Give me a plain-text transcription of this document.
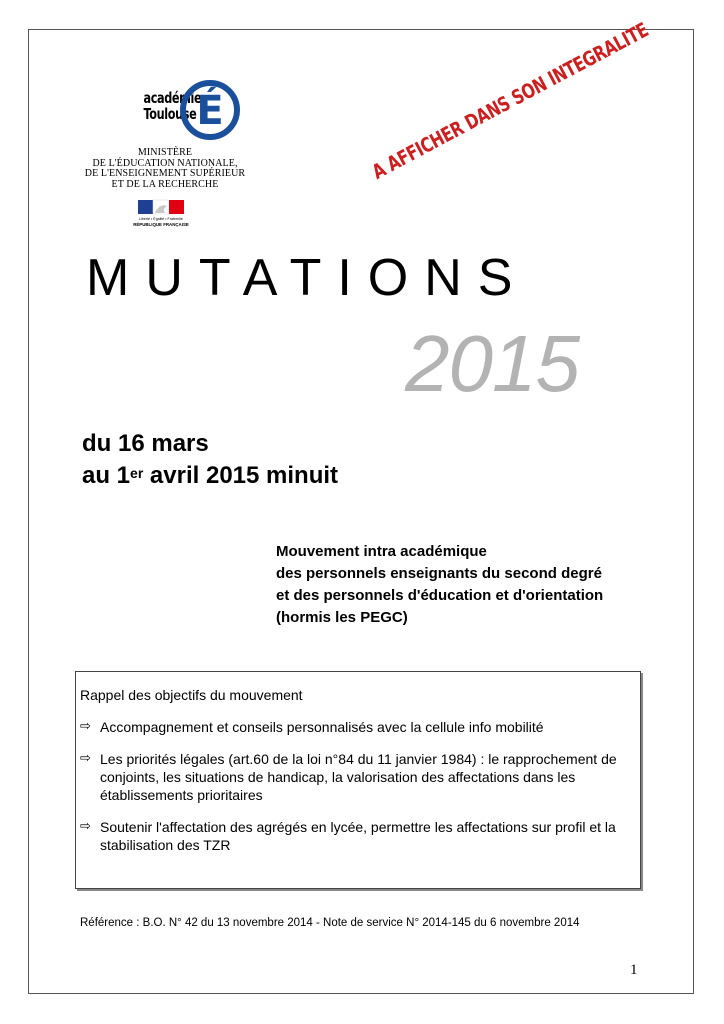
académie
Toulouse É
MINISTÈRE
DE L'ÉDUCATION NATIONALE,
DE L'ENSEIGNEMENT SUPÉRIEUR
ET DE LA RECHERCHE
Liberté • Égalité • Fraternité
RÉPUBLIQUE FRANÇAISE
A AFFICHER DANS SON INTEGRALITE
MUTATIONS
2015
du 16 mars
au 1er avril 2015 minuit
Mouvement intra académique
des personnels enseignants du second degré
et des personnels d'éducation et d'orientation
(hormis les PEGC)
Rappel des objectifs du mouvement
⇨ Accompagnement et conseils personnalisés avec la cellule info mobilité
⇨ Les priorités légales (art.60 de la loi n°84 du 11 janvier 1984) : le rapprochement de conjoints, les situations de handicap, la valorisation des affectations dans les établissements prioritaires
⇨ Soutenir l'affectation des agrégés en lycée, permettre les affectations sur profil et la stabilisation des TZR
Référence : B.O. N° 42 du 13 novembre 2014 - Note de service N° 2014-145 du 6 novembre 2014
1
